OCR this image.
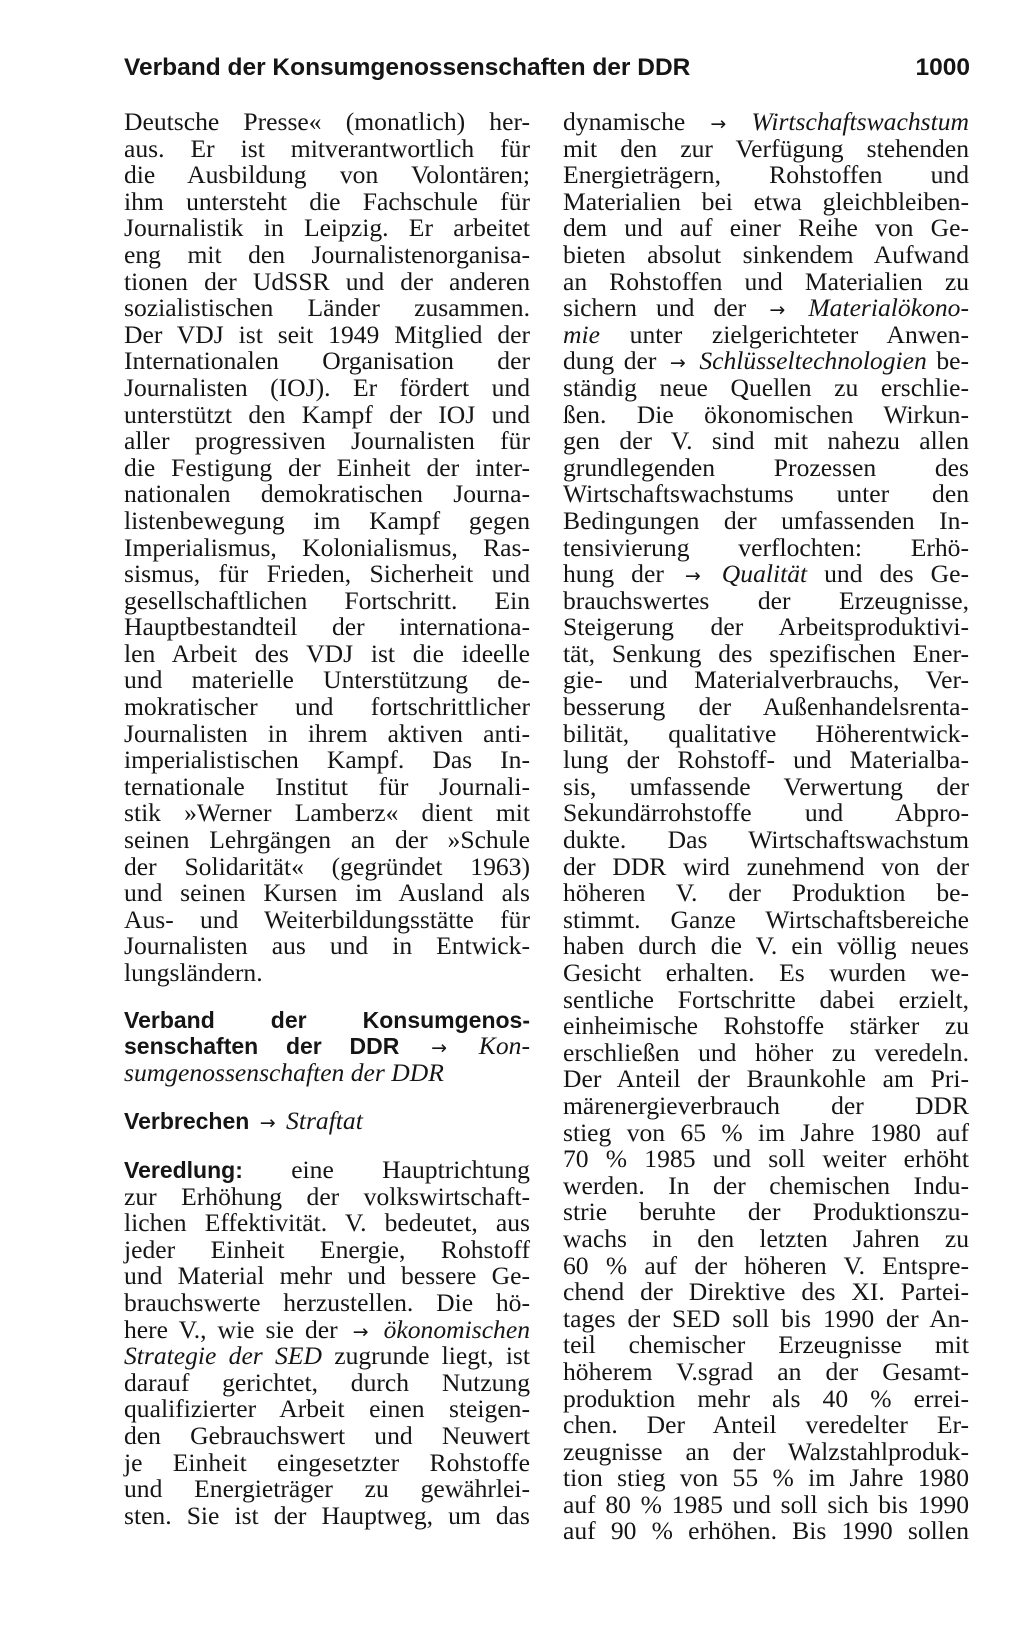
Verband der Konsumgenossenschaften der DDR	1000
Deutsche Presse« (monatlich) her-
aus. Er ist mitverantwortlich für
die Ausbildung von Volontären;
ihm untersteht die Fachschule für
Journalistik in Leipzig. Er arbeitet
eng mit den Journalistenorganisa-
tionen der UdSSR und der anderen
sozialistischen Länder zusammen.
Der VDJ ist seit 1949 Mitglied der
Internationalen Organisation der
Journalisten (IOJ). Er fördert und
unterstützt den Kampf der IOJ und
aller progressiven Journalisten für
die Festigung der Einheit der inter-
nationalen demokratischen Journa-
listenbewegung im Kampf gegen
Imperialismus, Kolonialismus, Ras-
sismus, für Frieden, Sicherheit und
gesellschaftlichen Fortschritt. Ein
Hauptbestandteil der internationa-
len Arbeit des VDJ ist die ideelle
und materielle Unterstützung de-
mokratischer und fortschrittlicher
Journalisten in ihrem aktiven anti-
imperialistischen Kampf. Das In-
ternationale Institut für Journali-
stik »Werner Lamberz« dient mit
seinen Lehrgängen an der »Schule
der Solidarität« (gegründet 1963)
und seinen Kursen im Ausland als
Aus- und Weiterbildungsstätte für
Journalisten aus und in Entwick-
lungsländern.
Verband der Konsumgenos-
senschaften der DDR → Kon-
sumgenossenschaften der DDR
Verbrechen → Straftat
Veredlung: eine Hauptrichtung
zur Erhöhung der volkswirtschaft-
lichen Effektivität. V. bedeutet, aus
jeder Einheit Energie, Rohstoff
und Material mehr und bessere Ge-
brauchswerte herzustellen. Die hö-
here V., wie sie der → ökonomischen
Strategie der SED zugrunde liegt, ist
darauf gerichtet, durch Nutzung
qualifizierter Arbeit einen steigen-
den Gebrauchswert und Neuwert
je Einheit eingesetzter Rohstoffe
und Energieträger zu gewährlei-
sten. Sie ist der Hauptweg, um das
dynamische → Wirtschaftswachstum
mit den zur Verfügung stehenden
Energieträgern, Rohstoffen und
Materialien bei etwa gleichbleiben-
dem und auf einer Reihe von Ge-
bieten absolut sinkendem Aufwand
an Rohstoffen und Materialien zu
sichern und der → Materialökono-
mie unter zielgerichteter Anwen-
dung der → Schlüsseltechnologien be-
ständig neue Quellen zu erschlie-
ßen. Die ökonomischen Wirkun-
gen der V. sind mit nahezu allen
grundlegenden Prozessen des
Wirtschaftswachstums unter den
Bedingungen der umfassenden In-
tensivierung verflochten: Erhö-
hung der → Qualität und des Ge-
brauchswertes der Erzeugnisse,
Steigerung der Arbeitsproduktivi-
tät, Senkung des spezifischen Ener-
gie- und Materialverbrauchs, Ver-
besserung der Außenhandelsrenta-
bilität, qualitative Höherentwick-
lung der Rohstoff- und Materialba-
sis, umfassende Verwertung der
Sekundärrohstoffe und Abpro-
dukte. Das Wirtschaftswachstum
der DDR wird zunehmend von der
höheren V. der Produktion be-
stimmt. Ganze Wirtschaftsbereiche
haben durch die V. ein völlig neues
Gesicht erhalten. Es wurden we-
sentliche Fortschritte dabei erzielt,
einheimische Rohstoffe stärker zu
erschließen und höher zu veredeln.
Der Anteil der Braunkohle am Pri-
märenergieverbrauch der DDR
stieg von 65 % im Jahre 1980 auf
70 % 1985 und soll weiter erhöht
werden. In der chemischen Indu-
strie beruhte der Produktionszu-
wachs in den letzten Jahren zu
60 % auf der höheren V. Entspre-
chend der Direktive des XI. Partei-
tages der SED soll bis 1990 der An-
teil chemischer Erzeugnisse mit
höherem V.sgrad an der Gesamt-
produktion mehr als 40 % errei-
chen. Der Anteil veredelter Er-
zeugnisse an der Walzstahlproduk-
tion stieg von 55 % im Jahre 1980
auf 80 % 1985 und soll sich bis 1990
auf 90 % erhöhen. Bis 1990 sollen
